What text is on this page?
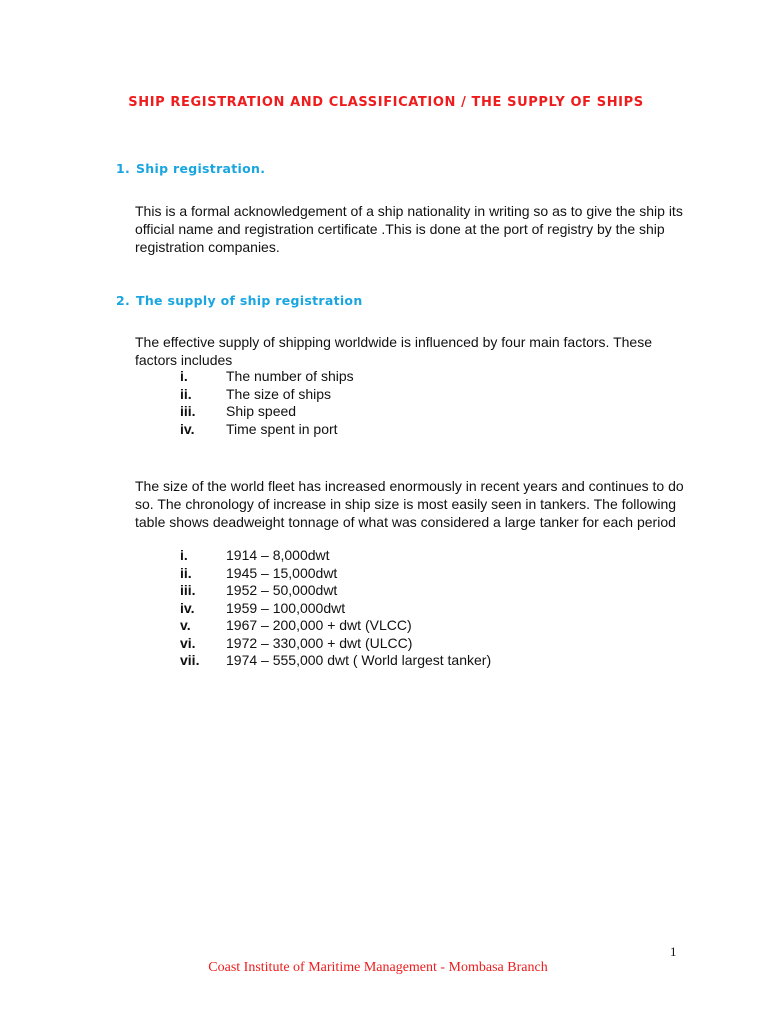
SHIP REGISTRATION AND CLASSIFICATION / THE SUPPLY OF SHIPS
1. Ship registration.

This is a formal acknowledgement of a ship nationality in writing so as to give the ship its official name and registration certificate .This is done at the port of registry by the ship registration companies.

2. The supply of ship registration

The effective supply of shipping worldwide is influenced by four main factors. These factors includes

i.	The number of ships
ii. The size of ships
iii. Ship speed
iv. Time spent in port

The size of the world fleet has increased enormously in recent years and continues to do so. The chronology of increase in ship size is most easily seen in tankers. The following table shows deadweight tonnage of what was considered a large tanker for each period

i.	1914 – 8,000dwt
ii. 1945 – 15,000dwt
iii. 1952 – 50,000dwt
iv. 1959 – 100,000dwt
v.	1967 – 200,000 + dwt (VLCC)
vi. 1972 – 330,000 + dwt (ULCC)
vii. 1974 – 555,000 dwt ( World largest tanker)

1

Coast Institute of Maritime Management - Mombasa Branch
